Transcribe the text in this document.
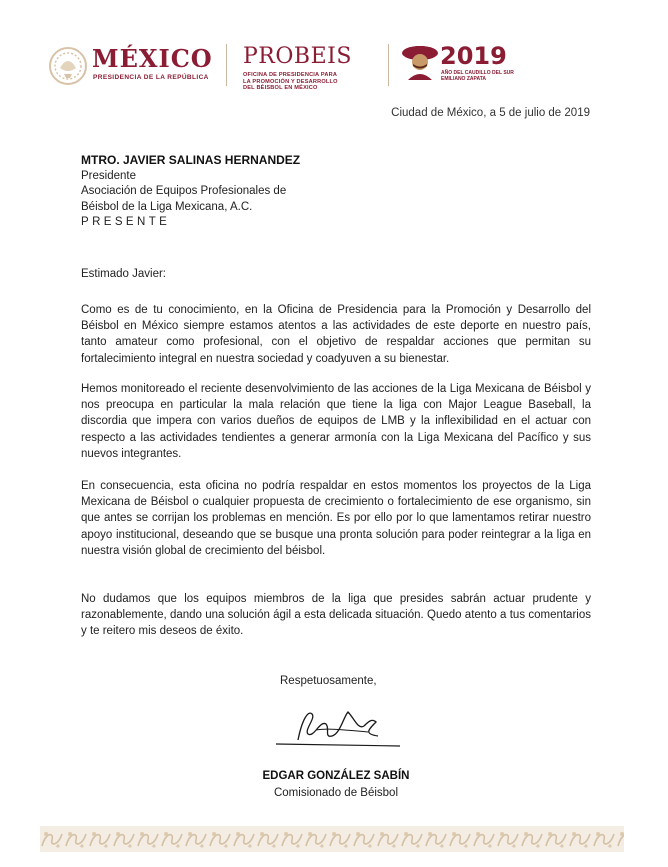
MÉXICO
PRESIDENCIA DE LA REPÚBLICA
PROBEIS
OFICINA DE PRESIDENCIA PARA
LA PROMOCIÓN Y DESARROLLO
DEL BÉISBOL EN MÉXICO
2019
AÑO DEL CAUDILLO DEL SUR
EMILIANO ZAPATA
Ciudad de México, a 5 de julio de 2019
MTRO. JAVIER SALINAS HERNANDEZ
Presidente
Asociación de Equipos Profesionales de
Béisbol de la Liga Mexicana, A.C.
PRESENTE
Estimado Javier:
Como es de tu conocimiento, en la Oficina de Presidencia para la Promoción y Desarrollo del Béisbol en México siempre estamos atentos a las actividades de este deporte en nuestro país, tanto amateur como profesional, con el objetivo de respaldar acciones que permitan su fortalecimiento integral en nuestra sociedad y coadyuven a su bienestar.
Hemos monitoreado el reciente desenvolvimiento de las acciones de la Liga Mexicana de Béisbol y nos preocupa en particular la mala relación que tiene la liga con Major League Baseball, la discordia que impera con varios dueños de equipos de LMB y la inflexibilidad en el actuar con respecto a las actividades tendientes a generar armonía con la Liga Mexicana del Pacífico y sus nuevos integrantes.
En consecuencia, esta oficina no podría respaldar en estos momentos los proyectos de la Liga Mexicana de Béisbol o cualquier propuesta de crecimiento o fortalecimiento de ese organismo, sin que antes se corrijan los problemas en mención. Es por ello por lo que lamentamos retirar nuestro apoyo institucional, deseando que se busque una pronta solución para poder reintegrar a la liga en nuestra visión global de crecimiento del béisbol.
No dudamos que los equipos miembros de la liga que presides sabrán actuar prudente y razonablemente, dando una solución ágil a esta delicada situación. Quedo atento a tus comentarios y te reitero mis deseos de éxito.
Respetuosamente,
EDGAR GONZÁLEZ SABÍN
Comisionado de Béisbol
